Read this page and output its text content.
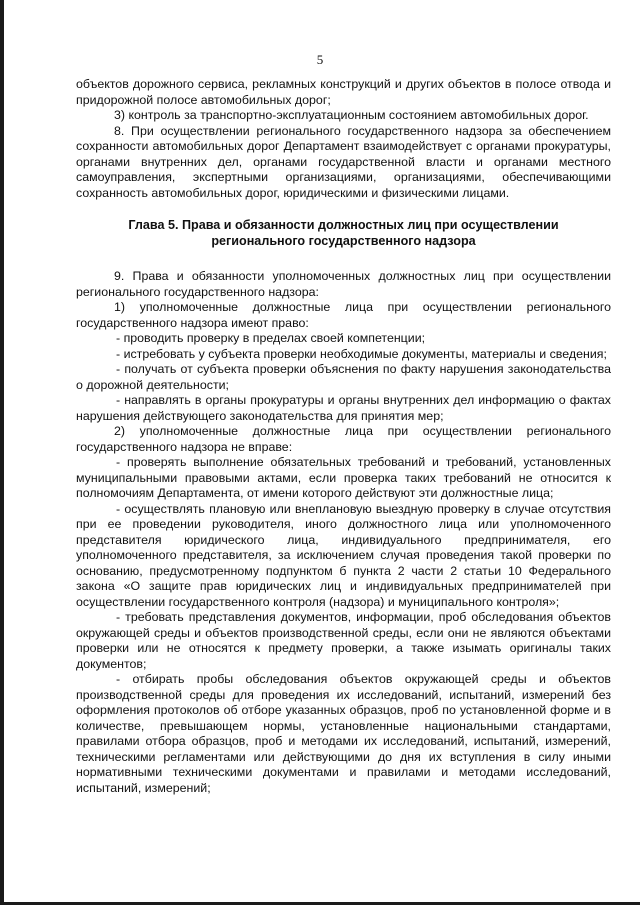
5

объектов дорожного сервиса, рекламных конструкций и других объектов в полосе отвода и придорожной полосе автомобильных дорог;

3) контроль за транспортно-эксплуатационным состоянием автомобильных дорог.

8. При осуществлении регионального государственного надзора за обеспечением сохранности автомобильных дорог Департамент взаимодействует с органами прокуратуры, органами внутренних дел, органами государственной власти и органами местного самоуправления, экспертными организациями, организациями, обеспечивающими сохранность автомобильных дорог, юридическими и физическими лицами.

Глава 5. Права и обязанности должностных лиц при осуществлении
регионального государственного надзора

9. Права и обязанности уполномоченных должностных лиц при осуществлении регионального государственного надзора:

1) уполномоченные должностные лица при осуществлении регионального государственного надзора имеют право:

- проводить проверку в пределах своей компетенции;

- истребовать у субъекта проверки необходимые документы, материалы и сведения;

- получать от субъекта проверки объяснения по факту нарушения законодательства о дорожной деятельности;

- направлять в органы прокуратуры и органы внутренних дел информацию о фактах нарушения действующего законодательства для принятия мер;

2) уполномоченные должностные лица при осуществлении регионального государственного надзора не вправе:

- проверять выполнение обязательных требований и требований, установленных муниципальными правовыми актами, если проверка таких требований не относится к полномочиям Департамента, от имени которого действуют эти должностные лица;

- осуществлять плановую или внеплановую выездную проверку в случае отсутствия при ее проведении руководителя, иного должностного лица или уполномоченного представителя юридического лица, индивидуального предпринимателя, его уполномоченного представителя, за исключением случая проведения такой проверки по основанию, предусмотренному подпунктом б пункта 2 части 2 статьи 10 Федерального закона «О защите прав юридических лиц и индивидуальных предпринимателей при осуществлении государственного контроля (надзора) и муниципального контроля»;

- требовать представления документов, информации, проб обследования объектов окружающей среды и объектов производственной среды, если они не являются объектами проверки или не относятся к предмету проверки, а также изымать оригиналы таких документов;

- отбирать пробы обследования объектов окружающей среды и объектов производственной среды для проведения их исследований, испытаний, измерений без оформления протоколов об отборе указанных образцов, проб по установленной форме и в количестве, превышающем нормы, установленные национальными стандартами, правилами отбора образцов, проб и методами их исследований, испытаний, измерений, техническими регламентами или действующими до дня их вступления в силу иными нормативными техническими документами и правилами и методами исследований, испытаний, измерений;
